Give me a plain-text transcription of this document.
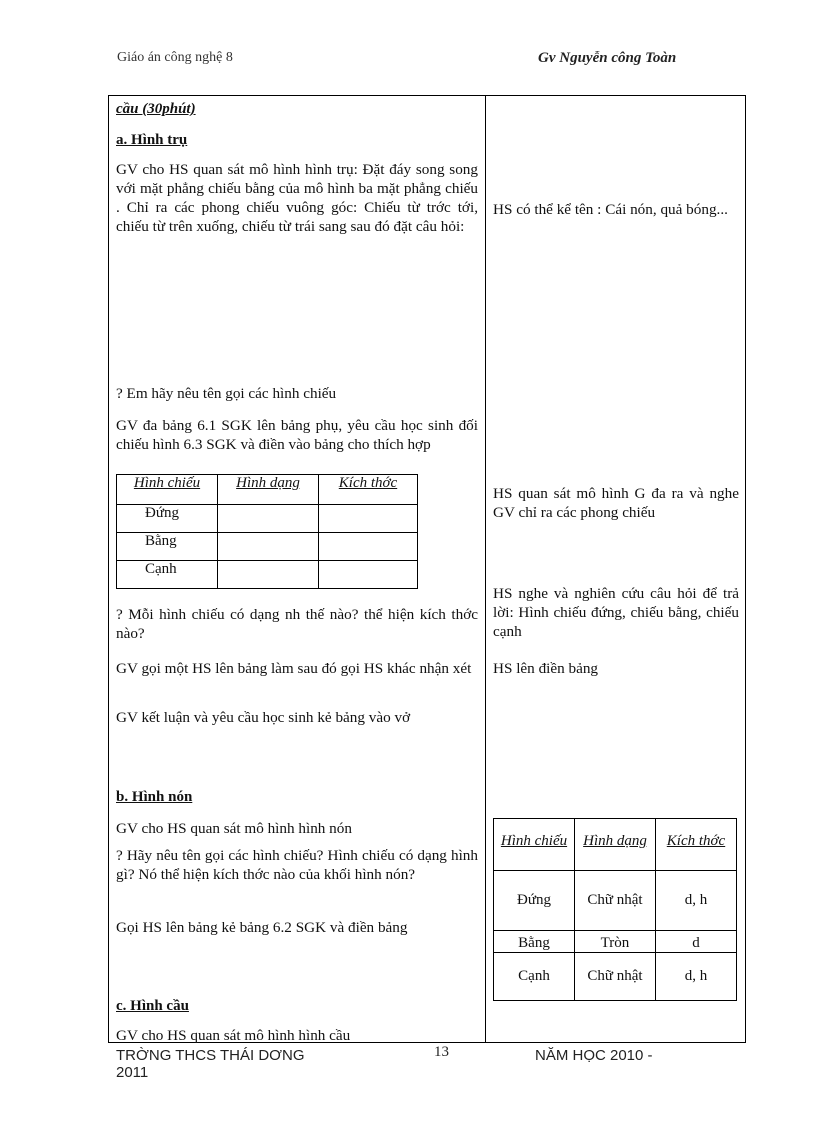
Giáo án công nghệ 8	Gv Nguyễn công Toàn
cầu (30phút)
a. Hình trụ
GV cho HS quan sát mô hình hình trụ: Đặt đáy song song với mặt phẳng chiếu bằng của mô hình ba mặt phẳng chiếu . Chỉ ra các phong chiếu vuông góc: Chiếu từ trớc tới, chiếu từ trên xuống, chiếu từ trái sang sau đó đặt câu hỏi:
? Em hãy nêu tên gọi các hình chiếu
GV đa bảng 6.1 SGK lên bảng phụ, yêu cầu học sinh đối chiếu hình 6.3 SGK và điền vào bảng cho thích hợp
Hình chiếu	Hình dạng	Kích thớc
Đứng		
Bằng		
Cạnh		
? Mỗi hình chiếu có dạng nh thế nào? thể hiện kích thớc nào?
GV gọi một HS lên bảng làm sau đó gọi HS khác nhận xét
GV kết luận và yêu cầu học sinh kẻ bảng vào vở
b. Hình nón
GV cho HS quan sát mô hình hình nón
? Hãy nêu tên gọi các hình chiếu? Hình chiếu có dạng hình gì? Nó thể hiện kích thớc nào của khối hình nón?
Gọi HS lên bảng kẻ bảng 6.2 SGK và điền bảng
c. Hình cầu
GV cho HS quan sát mô hình hình cầu
HS có thể kể tên : Cái nón, quả bóng...
HS quan sát mô hình G đa ra và nghe GV chỉ ra các phong chiếu
HS nghe và nghiên cứu câu hỏi để trả lời: Hình chiếu đứng, chiếu bằng, chiếu cạnh
HS lên điền bảng
Hình chiếu	Hình dạng	Kích thớc
Đứng	Chữ nhật	d, h
Bằng	Tròn	d
Cạnh	Chữ nhật	d, h
TRỜNG THCS THÁI DƠNG
2011
13	NĂM HỌC 2010 -
